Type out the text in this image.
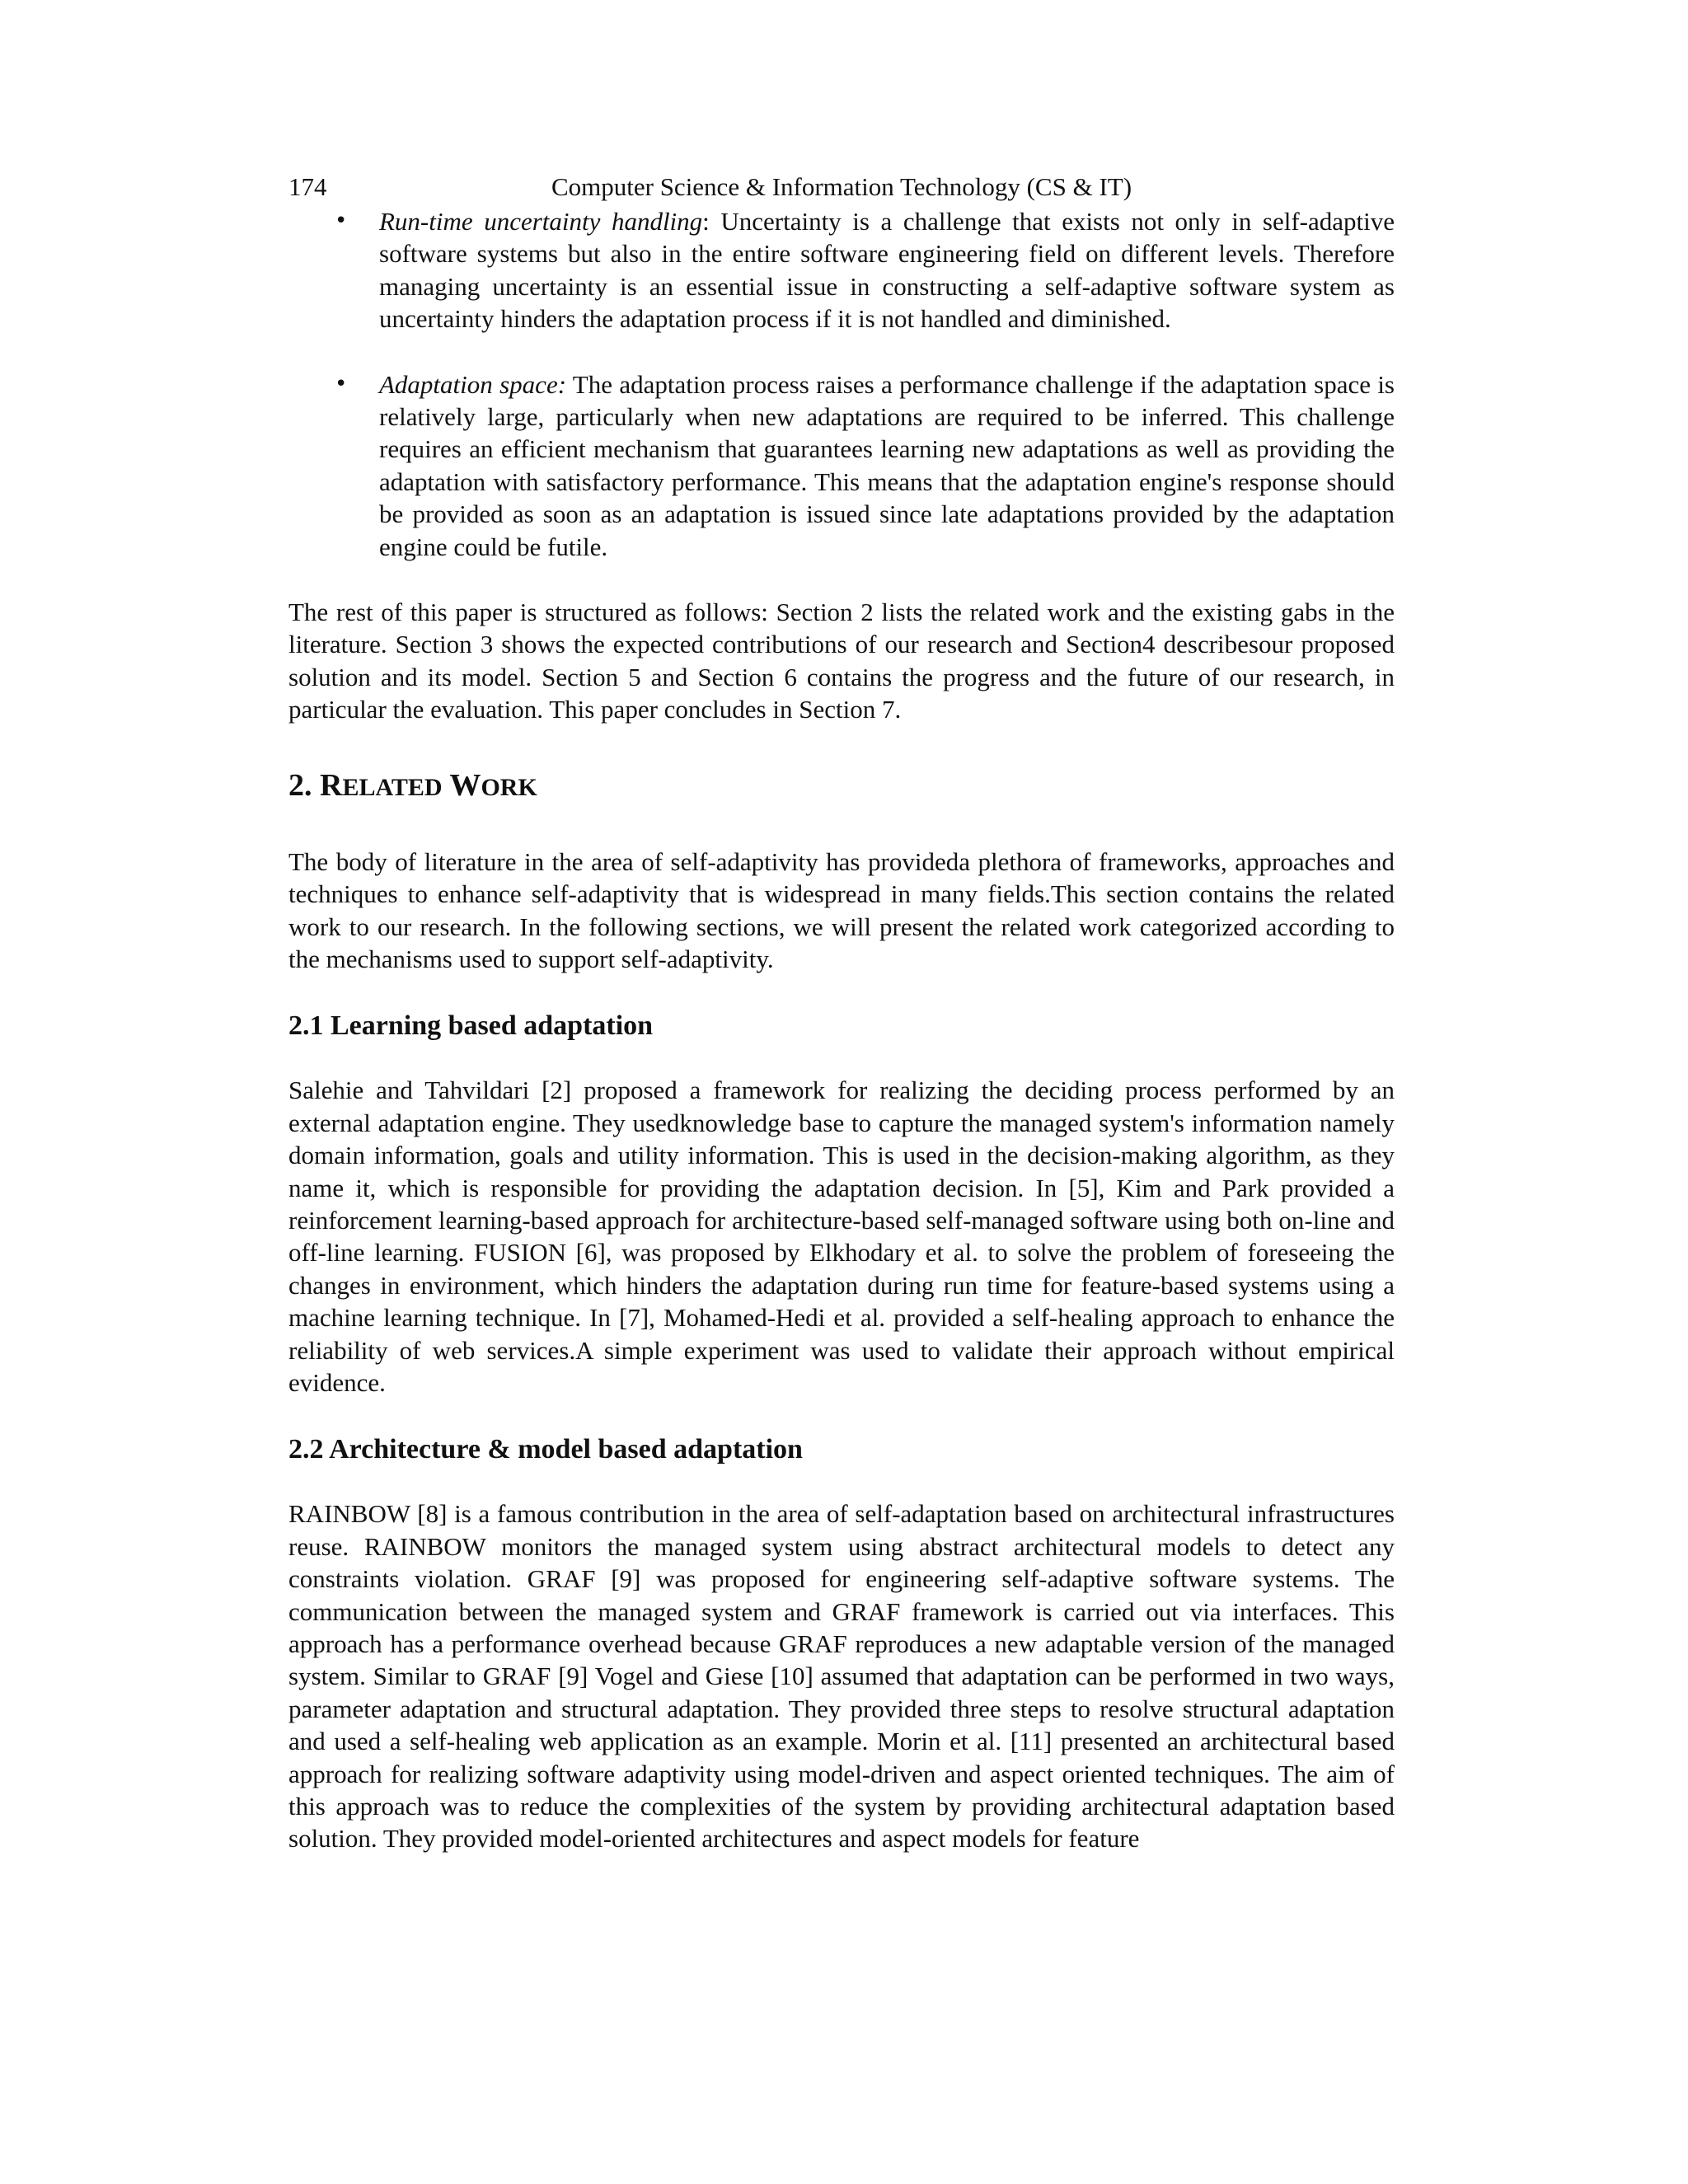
174	Computer Science & Information Technology (CS & IT)
• Run-time uncertainty handling: Uncertainty is a challenge that exists not only in self-adaptive software systems but also in the entire software engineering field on different levels. Therefore managing uncertainty is an essential issue in constructing a self-adaptive software system as uncertainty hinders the adaptation process if it is not handled and diminished.
• Adaptation space: The adaptation process raises a performance challenge if the adaptation space is relatively large, particularly when new adaptations are required to be inferred. This challenge requires an efficient mechanism that guarantees learning new adaptations as well as providing the adaptation with satisfactory performance. This means that the adaptation engine's response should be provided as soon as an adaptation is issued since late adaptations provided by the adaptation engine could be futile.

The rest of this paper is structured as follows: Section 2 lists the related work and the existing gabs in the literature. Section 3 shows the expected contributions of our research and Section4 describesour proposed solution and its model. Section 5 and Section 6 contains the progress and the future of our research, in particular the evaluation. This paper concludes in Section 7.

2. RELATED WORK

The body of literature in the area of self-adaptivity has provideda plethora of frameworks, approaches and techniques to enhance self-adaptivity that is widespread in many fields.This section contains the related work to our research. In the following sections, we will present the related work categorized according to the mechanisms used to support self-adaptivity.

2.1 Learning based adaptation

Salehie and Tahvildari [2] proposed a framework for realizing the deciding process performed by an external adaptation engine. They usedknowledge base to capture the managed system's information namely domain information, goals and utility information. This is used in the decision-making algorithm, as they name it, which is responsible for providing the adaptation decision. In [5], Kim and Park provided a reinforcement learning-based approach for architecture-based self-managed software using both on-line and off-line learning. FUSION [6], was proposed by Elkhodary et al. to solve the problem of foreseeing the changes in environment, which hinders the adaptation during run time for feature-based systems using a machine learning technique. In [7], Mohamed-Hedi et al. provided a self-healing approach to enhance the reliability of web services.A simple experiment was used to validate their approach without empirical evidence.

2.2 Architecture & model based adaptation

RAINBOW [8] is a famous contribution in the area of self-adaptation based on architectural infrastructures reuse. RAINBOW monitors the managed system using abstract architectural models to detect any constraints violation. GRAF [9] was proposed for engineering self-adaptive software systems. The communication between the managed system and GRAF framework is carried out via interfaces. This approach has a performance overhead because GRAF reproduces a new adaptable version of the managed system. Similar to GRAF [9] Vogel and Giese [10] assumed that adaptation can be performed in two ways, parameter adaptation and structural adaptation. They provided three steps to resolve structural adaptation and used a self-healing web application as an example. Morin et al. [11] presented an architectural based approach for realizing software adaptivity using model-driven and aspect oriented techniques. The aim of this approach was to reduce the complexities of the system by providing architectural adaptation based solution. They provided model-oriented architectures and aspect models for feature
